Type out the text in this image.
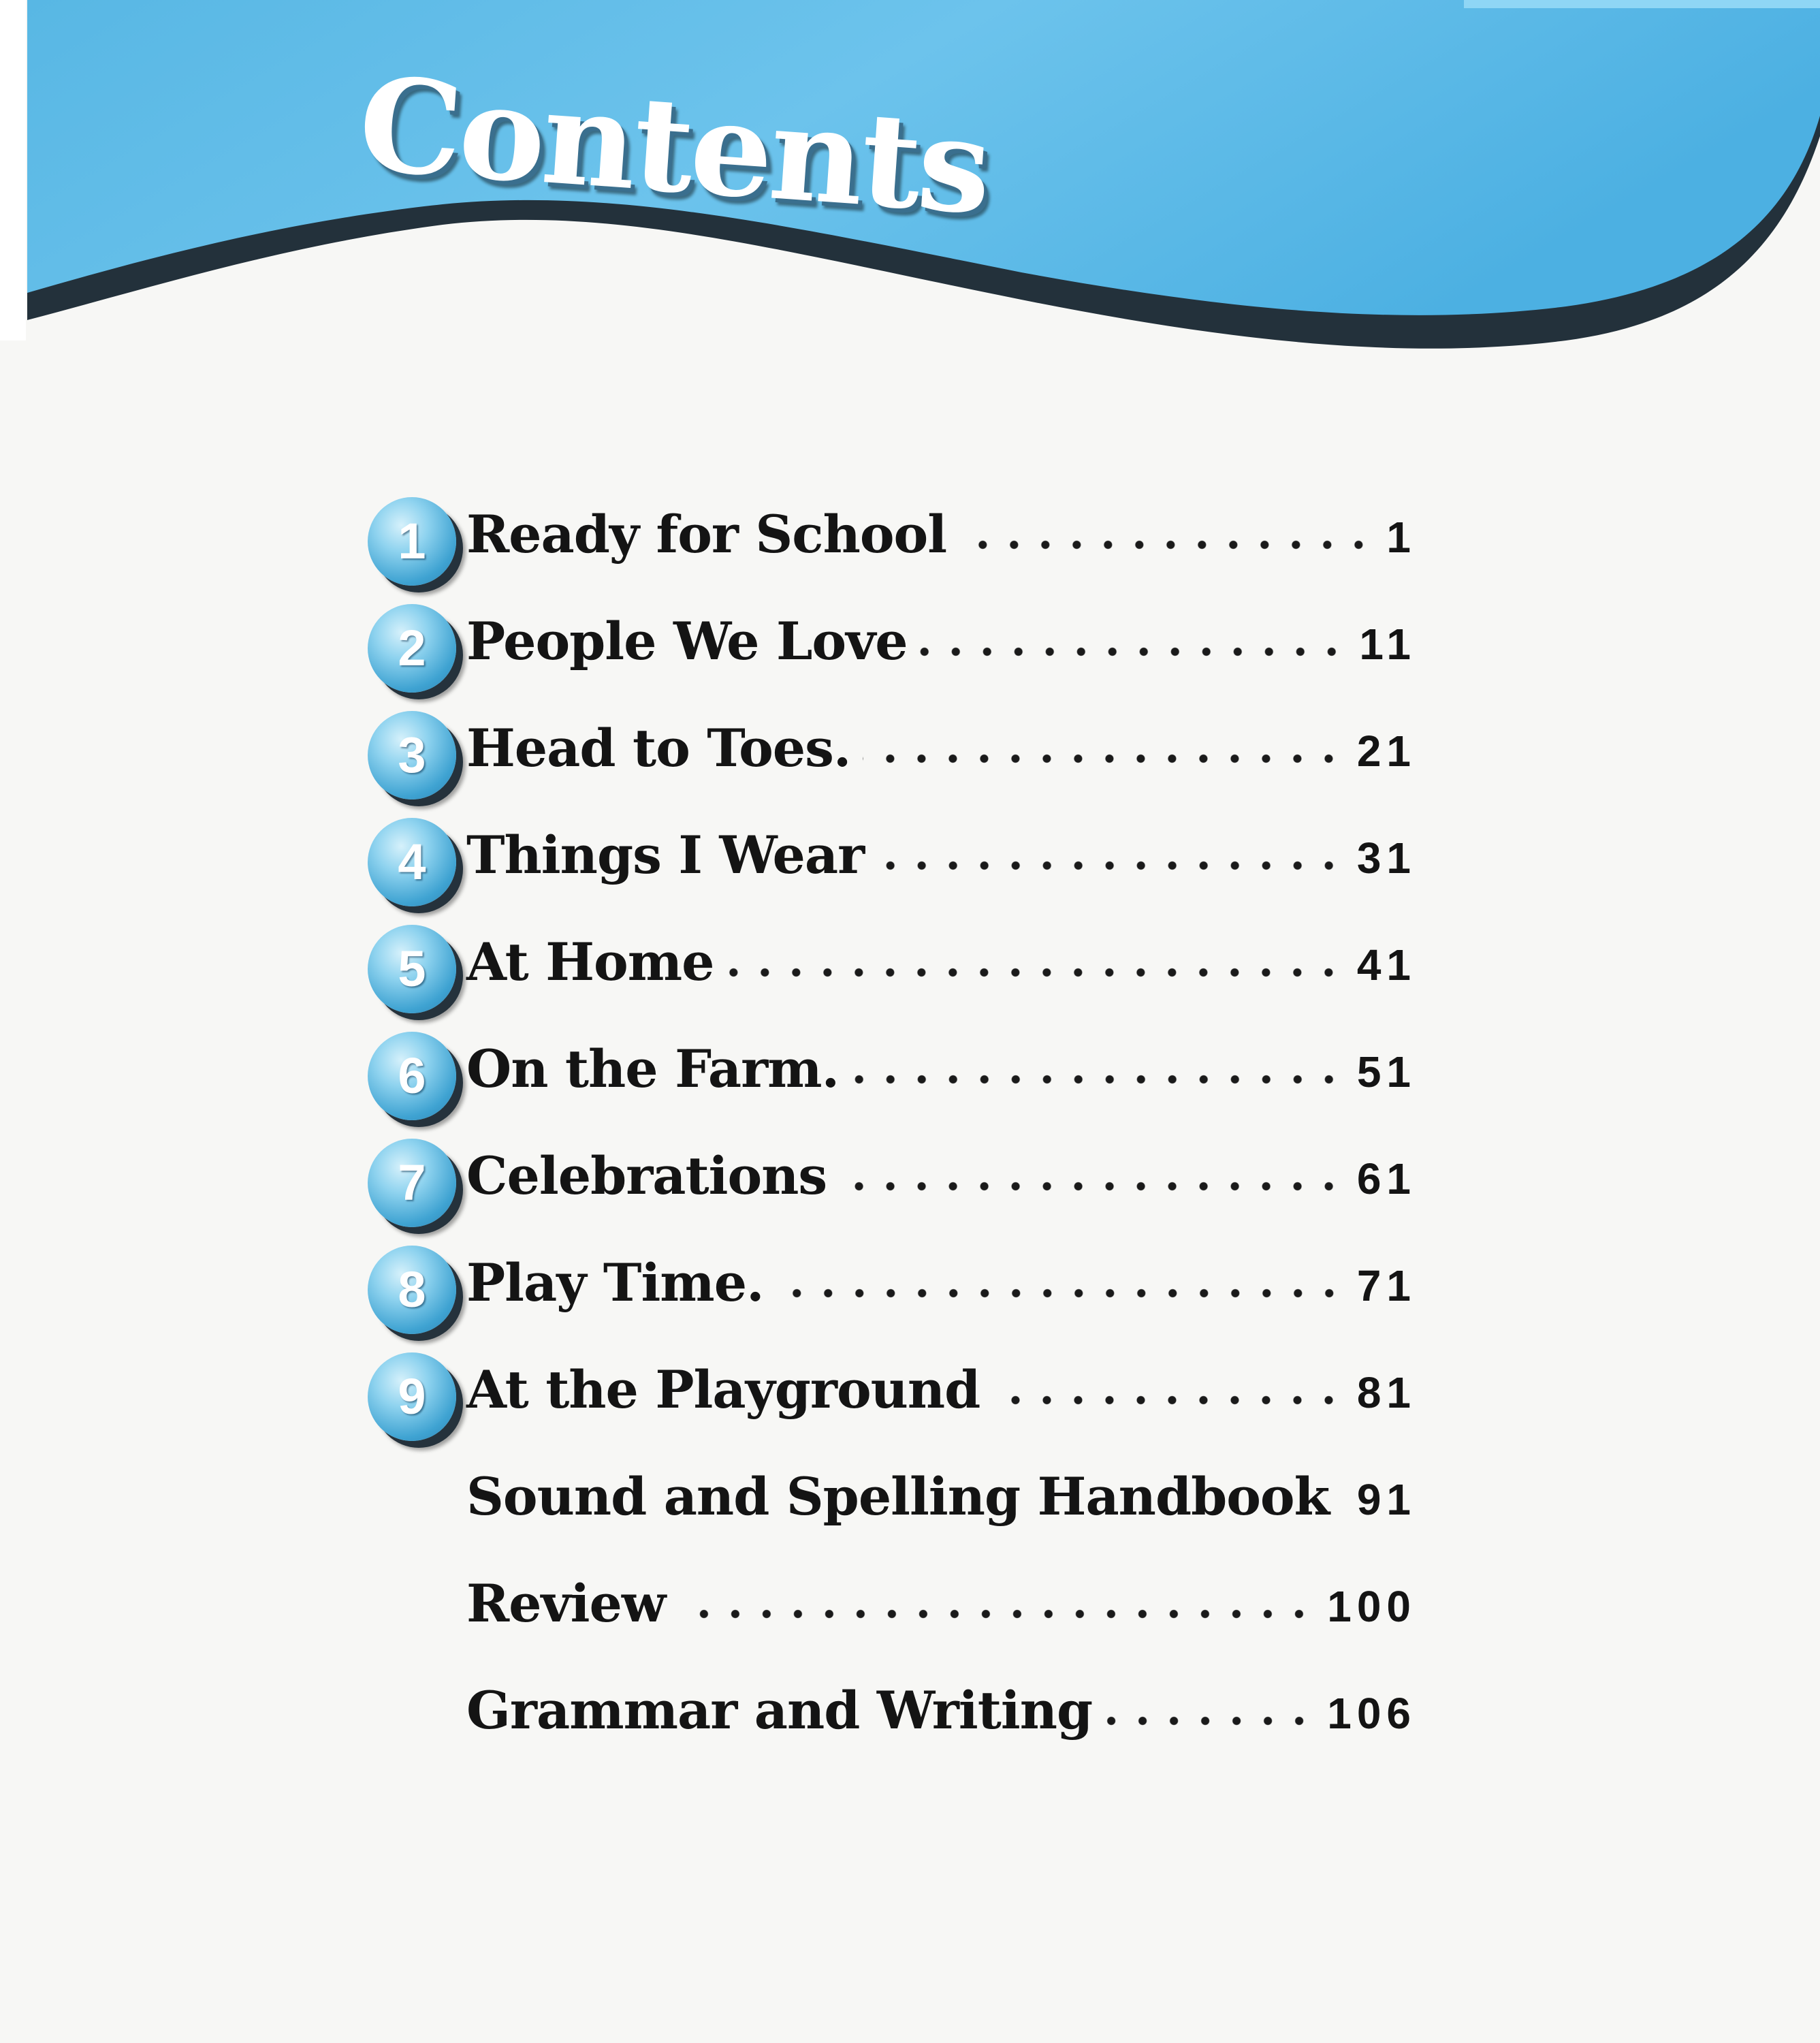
Contents
1 Ready for School	1
2 People We Love	11
3 Head to Toes.	21
4 Things I Wear	31
5 At Home	41
6 On the Farm.	51
7 Celebrations	61
8 Play Time.	71
9 At the Playground	81
Sound and Spelling Handbook 91
Review	100
Grammar and Writing	106
